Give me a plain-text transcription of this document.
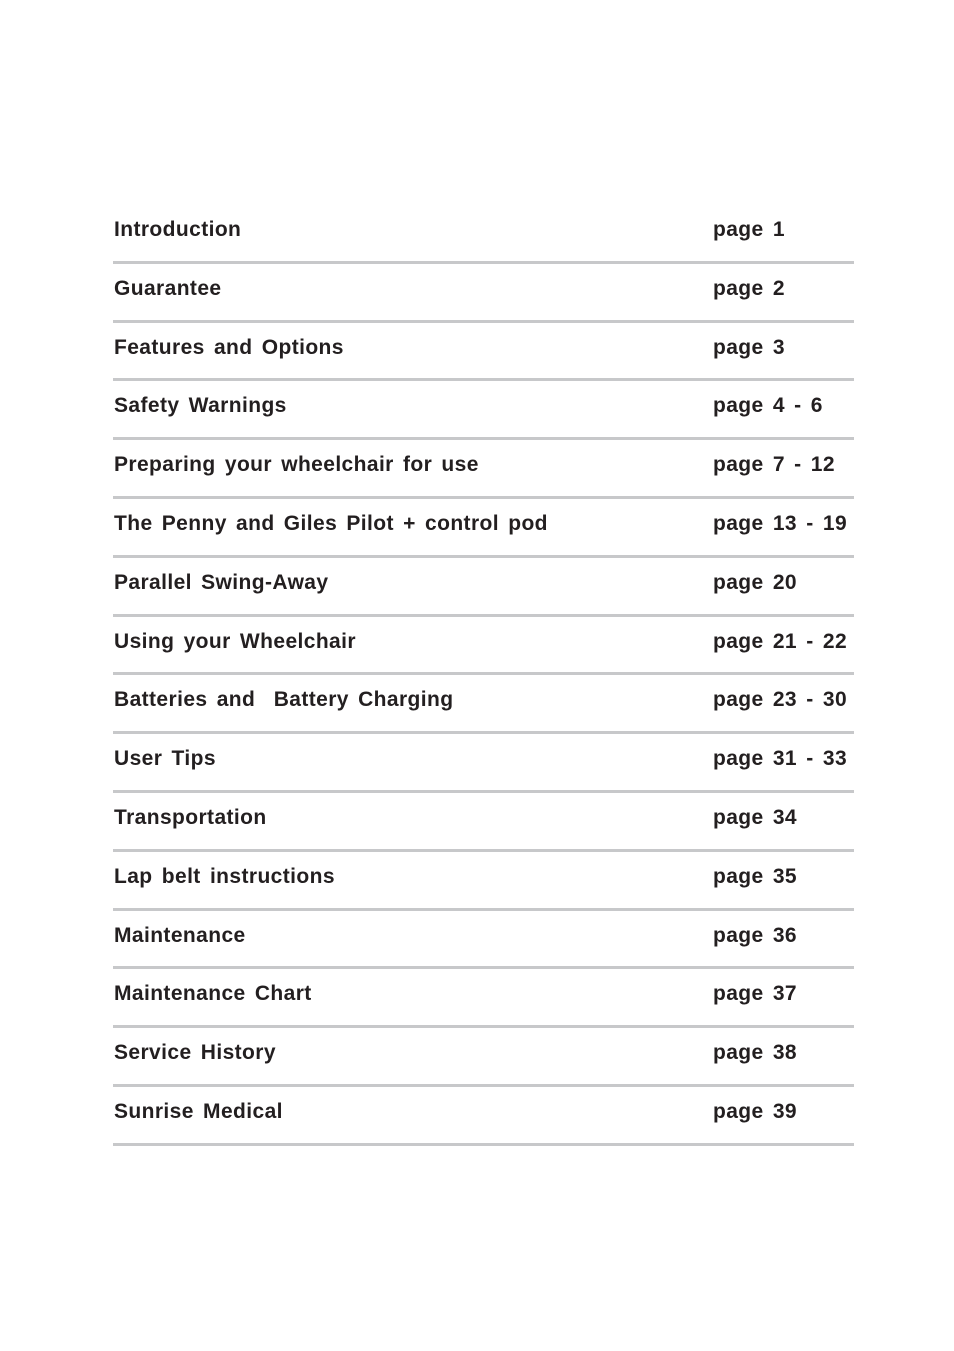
Introduction	page 1
Guarantee	page 2
Features and Options	page 3
Safety Warnings	page 4 - 6
Preparing your wheelchair for use	page 7 - 12
The Penny and Giles Pilot + control pod	page 13 - 19
Parallel Swing-Away	page 20
Using your Wheelchair	page 21 - 22
Batteries and  Battery Charging	page 23 - 30
User Tips	page 31 - 33
Transportation	page 34
Lap belt instructions	page 35
Maintenance	page 36
Maintenance Chart	page 37
Service History	page 38
Sunrise Medical	page 39
